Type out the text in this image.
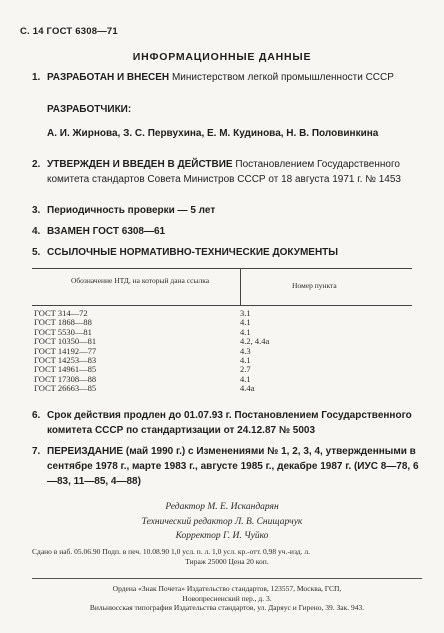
С. 14 ГОСТ 6308—71
ИНФОРМАЦИОННЫЕ ДАННЫЕ
1. РАЗРАБОТАН И ВНЕСЕН Министерством легкой промышленности СССР
РАЗРАБОТЧИКИ:
А. И. Жирнова, З. С. Первухина, Е. М. Кудинова, Н. В. Половинкина
2. УТВЕРЖДЕН И ВВЕДЕН В ДЕЙСТВИЕ Постановлением Государственного комитета стандартов Совета Министров СССР от 18 августа 1971 г. № 1453
3. Периодичность проверки — 5 лет
4. ВЗАМЕН ГОСТ 6308—61
5. ССЫЛОЧНЫЕ НОРМАТИВНО-ТЕХНИЧЕСКИЕ ДОКУМЕНТЫ
Обозначение НТД, на который дана ссылка
Номер пункта
ГОСТ 314—72
ГОСТ 1868—88
ГОСТ 5530—81
ГОСТ 10350—81
ГОСТ 14192—77
ГОСТ 14253—83
ГОСТ 14961—85
ГОСТ 17308—88
ГОСТ 26663—85
3.1
4.1
4.1
4.2, 4.4а
4.3
4.1
2.7
4.1
4.4а
6. Срок действия продлен до 01.07.93 г. Постановлением Государственного комитета СССР по стандартизации от 24.12.87 № 5003
7. ПЕРЕИЗДАНИЕ (май 1990 г.) с Изменениями № 1, 2, 3, 4, утвержденными в сентябре 1978 г., марте 1983 г., августе 1985 г., декабре 1987 г. (ИУС 8—78, 6—83, 11—85, 4—88)
Редактор М. Е. Искандарян
Технический редактор Л. В. Снищарчук
Корректор Г. И. Чуйко
Сдано в наб. 05.06.90 Подп. в печ. 10.08.90 1,0 усл. п. л. 1,0 усл. кр.-отт. 0,98 уч.-изд. л.
Тираж 25000 Цена 20 коп.
Ордена «Знак Почета» Издательство стандартов, 123557, Москва, ГСП,
Новопресненский пер., д. 3.
Вильнюсская типография Издательства стандартов, ул. Даряус и Гирено, 39. Зак. 943.
